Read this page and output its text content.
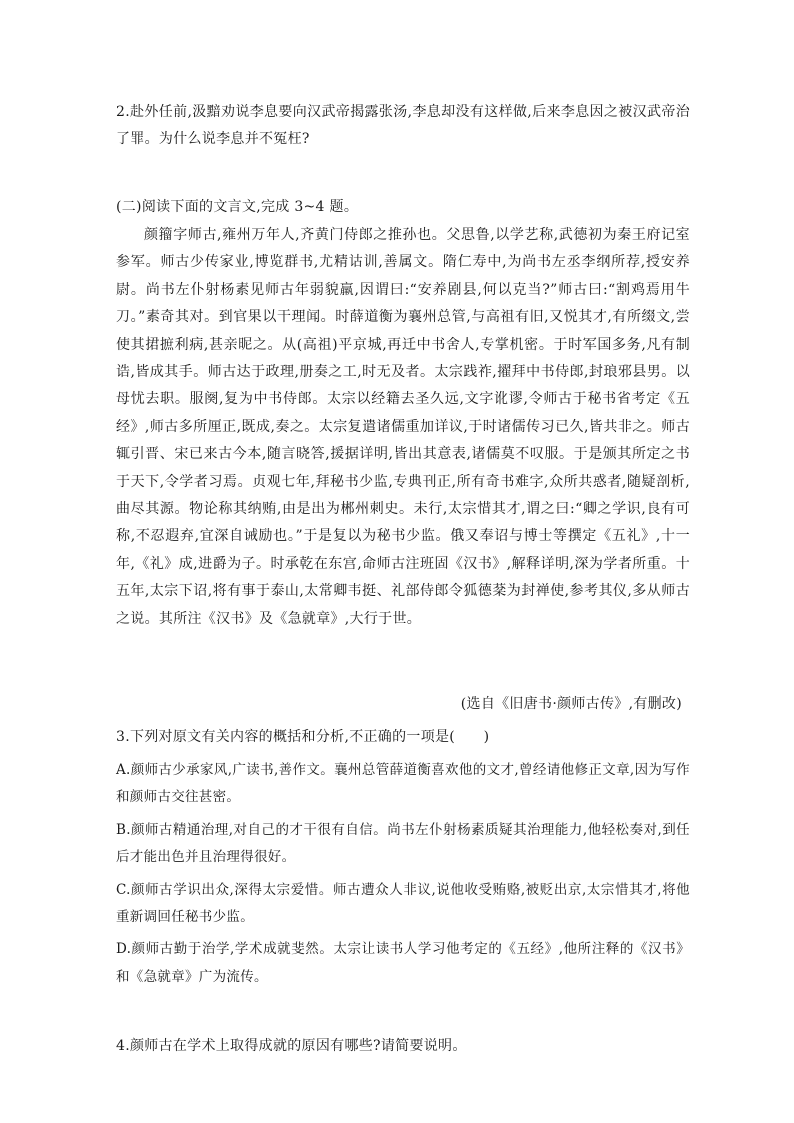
2.赴外任前,汲黯劝说李息要向汉武帝揭露张汤,李息却没有这样做,后来李息因之被汉武帝治了罪。为什么说李息并不冤枉?
(二)阅读下面的文言文,完成 3~4 题。
颜籀字师古,雍州万年人,齐黄门侍郎之推孙也。父思鲁,以学艺称,武德初为秦王府记室参军。师古少传家业,博览群书,尤精诂训,善属文。隋仁寿中,为尚书左丞李纲所荐,授安养尉。尚书左仆射杨素见师古年弱貌羸,因谓曰:“安养剧县,何以克当?”师古曰:“割鸡焉用牛刀。”素奇其对。到官果以干理闻。时薛道衡为襄州总管,与高祖有旧,又悦其才,有所缀文,尝使其捃摭利病,甚亲昵之。从(高祖)平京城,再迁中书舍人,专掌机密。于时军国多务,凡有制诰,皆成其手。师古达于政理,册奏之工,时无及者。太宗践祚,擢拜中书侍郎,封琅邪县男。以母忧去职。服阕,复为中书侍郎。太宗以经籍去圣久远,文字讹谬,令师古于秘书省考定《五经》,师古多所厘正,既成,奏之。太宗复遣诸儒重加详议,于时诸儒传习已久,皆共非之。师古辄引晋、宋已来古今本,随言晓答,援据详明,皆出其意表,诸儒莫不叹服。于是颁其所定之书于天下,令学者习焉。贞观七年,拜秘书少监,专典刊正,所有奇书难字,众所共惑者,随疑剖析,曲尽其源。物论称其纳贿,由是出为郴州刺史。未行,太宗惜其才,谓之曰:“卿之学识,良有可称,不忍遐弃,宜深自诫励也。”于是复以为秘书少监。俄又奉诏与博士等撰定《五礼》,十一年,《礼》成,进爵为子。时承乾在东宫,命师古注班固《汉书》,解释详明,深为学者所重。十五年,太宗下诏,将有事于泰山,太常卿韦挺、礼部侍郎令狐德棻为封禅使,参考其仪,多从师古之说。其所注《汉书》及《急就章》,大行于世。
(选自《旧唐书·颜师古传》,有删改)
3.下列对原文有关内容的概括和分析,不正确的一项是(　　)

A.颜师古少承家风,广读书,善作文。襄州总管薛道衡喜欢他的文才,曾经请他修正文章,因为写作和颜师古交往甚密。

B.颜师古精通治理,对自己的才干很有自信。尚书左仆射杨素质疑其治理能力,他轻松奏对,到任后才能出色并且治理得很好。

C.颜师古学识出众,深得太宗爱惜。师古遭众人非议,说他收受贿赂,被贬出京,太宗惜其才,将他重新调回任秘书少监。

D.颜师古勤于治学,学术成就斐然。太宗让读书人学习他考定的《五经》,他所注释的《汉书》和《急就章》广为流传。

4.颜师古在学术上取得成就的原因有哪些?请简要说明。
